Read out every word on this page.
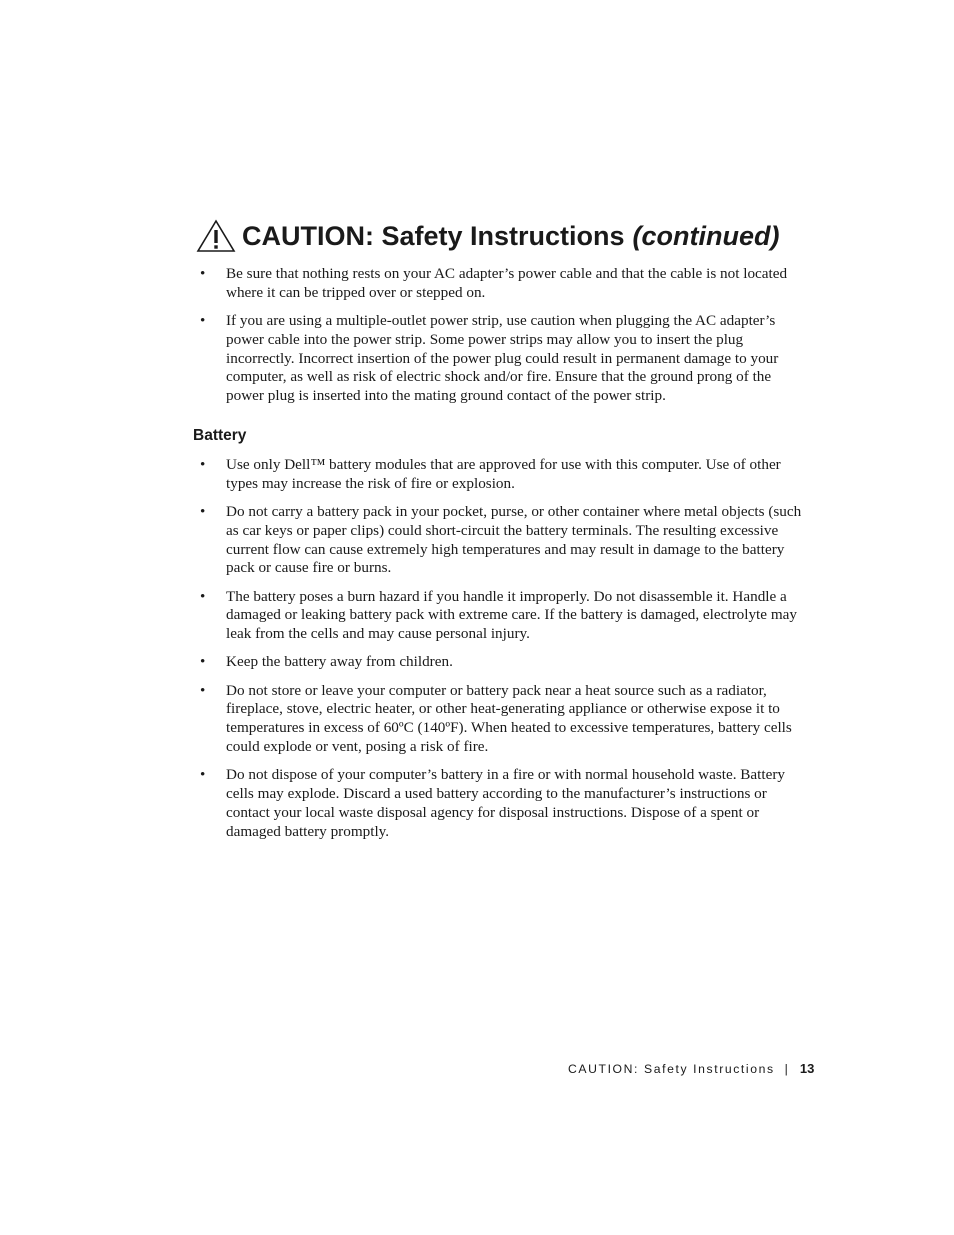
CAUTION: Safety Instructions (continued)
• Be sure that nothing rests on your AC adapter’s power cable and that the cable is not located where it can be tripped over or stepped on.
• If you are using a multiple-outlet power strip, use caution when plugging the AC adapter’s power cable into the power strip. Some power strips may allow you to insert the plug incorrectly. Incorrect insertion of the power plug could result in permanent damage to your computer, as well as risk of electric shock and/or fire. Ensure that the ground prong of the power plug is inserted into the mating ground contact of the power strip.
Battery
• Use only Dell™ battery modules that are approved for use with this computer. Use of other types may increase the risk of fire or explosion.
• Do not carry a battery pack in your pocket, purse, or other container where metal objects (such as car keys or paper clips) could short-circuit the battery terminals. The resulting excessive current flow can cause extremely high temperatures and may result in damage to the battery pack or cause fire or burns.
• The battery poses a burn hazard if you handle it improperly. Do not disassemble it. Handle a damaged or leaking battery pack with extreme care. If the battery is damaged, electrolyte may leak from the cells and may cause personal injury.
• Keep the battery away from children.
• Do not store or leave your computer or battery pack near a heat source such as a radiator, fireplace, stove, electric heater, or other heat-generating appliance or otherwise expose it to temperatures in excess of 60ºC (140ºF). When heated to excessive temperatures, battery cells could explode or vent, posing a risk of fire.
• Do not dispose of your computer’s battery in a fire or with normal household waste. Battery cells may explode. Discard a used battery according to the manufacturer’s instructions or contact your local waste disposal agency for disposal instructions. Dispose of a spent or damaged battery promptly.
CAUTION: Safety Instructions | 13
